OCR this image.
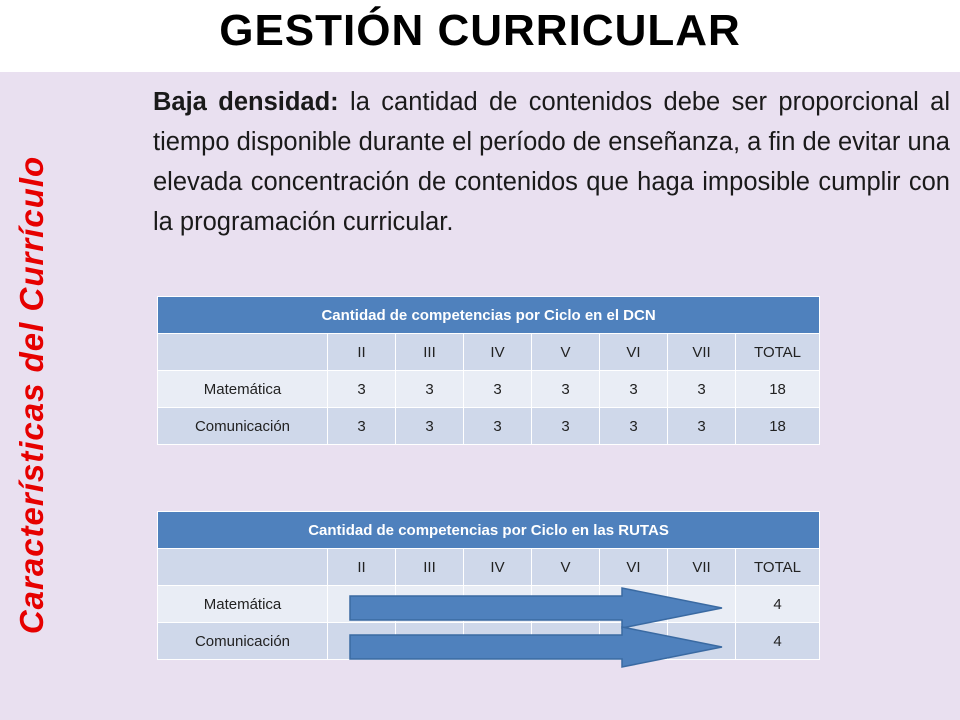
GESTIÓN CURRICULAR
Características del Currículo
Baja densidad: la cantidad de contenidos debe ser proporcional al tiempo disponible durante el período de enseñanza, a fin de evitar una elevada concentración de contenidos que haga imposible cumplir con la programación curricular.
Cantidad de competencias por Ciclo en el DCN							
	II	III	IV	V	VI	VII	TOTAL
Matemática	3	3	3	3	3	3	18
Comunicación	3	3	3	3	3	3	18
Cantidad de competencias por Ciclo en las RUTAS							
	II	III	IV	V	VI	VII	TOTAL
Matemática							4
Comunicación							4
